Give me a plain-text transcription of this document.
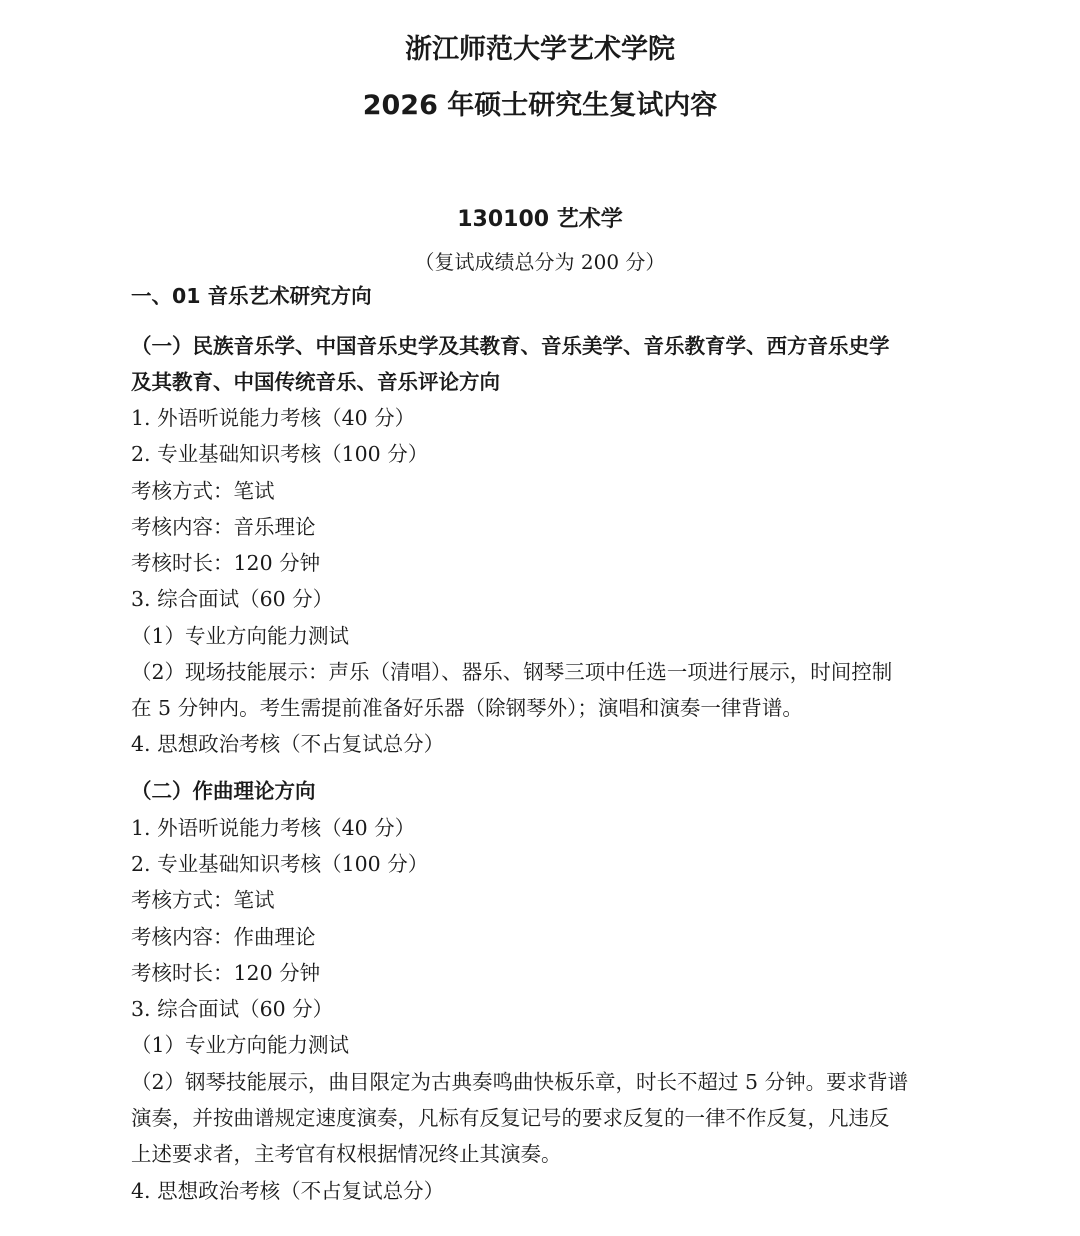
浙江师范大学艺术学院
2026 年硕士研究生复试内容
130100 艺术学
（复试成绩总分为 200 分）
一、01 音乐艺术研究方向
（一）民族音乐学、中国音乐史学及其教育、音乐美学、音乐教育学、西方音乐史学
及其教育、中国传统音乐、音乐评论方向
1. 外语听说能力考核（40 分）
2. 专业基础知识考核（100 分）
考核方式：笔试
考核内容：音乐理论
考核时长：120 分钟
3. 综合面试（60 分）
（1）专业方向能力测试
（2）现场技能展示：声乐（清唱）、器乐、钢琴三项中任选一项进行展示，时间控制
在 5 分钟内。考生需提前准备好乐器（除钢琴外）；演唱和演奏一律背谱。
4. 思想政治考核（不占复试总分）
（二）作曲理论方向
1. 外语听说能力考核（40 分）
2. 专业基础知识考核（100 分）
考核方式：笔试
考核内容：作曲理论
考核时长：120 分钟
3. 综合面试（60 分）
（1）专业方向能力测试
（2）钢琴技能展示，曲目限定为古典奏鸣曲快板乐章，时长不超过 5 分钟。要求背谱
演奏，并按曲谱规定速度演奏，凡标有反复记号的要求反复的一律不作反复，凡违反
上述要求者，主考官有权根据情况终止其演奏。
4. 思想政治考核（不占复试总分）
